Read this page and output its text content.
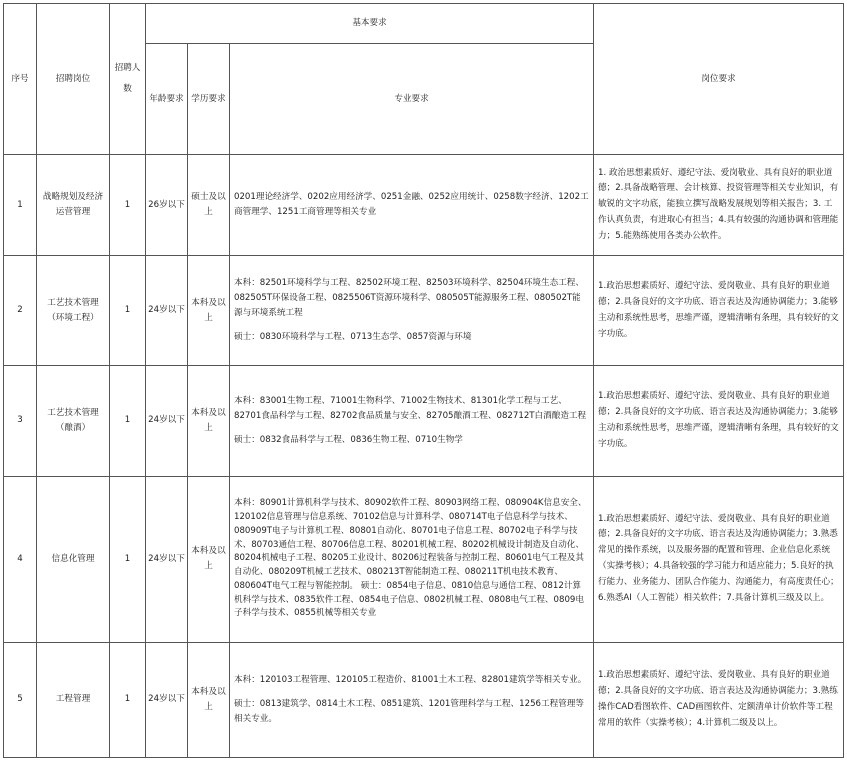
序号	招聘岗位	招聘人数	基本要求			岗位要求
			年龄要求	学历要求	专业要求	

1	战略规划及经济运营管理	1	26岁以下	硕士及以上	0201理论经济学、0202应用经济学、0251金融、0252应用统计、0258数字经济、1202工商管理学、1251工商管理等相关专业	1. 政治思想素质好、遵纪守法、爱岗敬业、具有良好的职业道德；2.具备战略管理、会计核算、投资管理等相关专业知识，有敏锐的文字功底，能独立撰写战略发展规划等相关报告；3. 工作认真负责，有进取心有担当；4.具有较强的沟通协调和管理能力；5.能熟练使用各类办公软件。
2	工艺技术管理（环境工程）	1	24岁以下	本科及以上	本科：82501环境科学与工程、82502环境工程、82503环境科学、82504环境生态工程、082505T环保设备工程、0825506T资源环境科学、080505T能源服务工程、080502T能源与环境系统工程

硕士：0830环境科学与工程、0713生态学、0857资源与环境	1.政治思想素质好、遵纪守法、爱岗敬业、具有良好的职业道德；2.具备良好的文字功底、语言表达及沟通协调能力；3.能够主动和系统性思考，思维严谨，逻辑清晰有条理，具有较好的文字功底。
3	工艺技术管理（酿酒）	1	24岁以下	本科及以上	本科：83001生物工程、71001生物科学、71002生物技术、81301化学工程与工艺、82701食品科学与工程、82702食品质量与安全、82705酿酒工程、082712T白酒酿造工程

硕士：0832食品科学与工程、0836生物工程、0710生物学	1.政治思想素质好、遵纪守法、爱岗敬业、具有良好的职业道德；2.具备良好的文字功底、语言表达及沟通协调能力；3.能够主动和系统性思考，思维严谨，逻辑清晰有条理，具有较好的文字功底。
4	信息化管理	1	24岁以下	本科及以上	本科：80901计算机科学与技术、80902软件工程、80903网络工程、080904K信息安全、120102信息管理与信息系统、70102信息与计算科学、080714T电子信息科学与技术、080909T电子与计算机工程、80801自动化、80701电子信息工程、80702电子科学与技术、80703通信工程、80706信息工程、80201机械工程、80202机械设计制造及自动化、80204机械电子工程、80205工业设计、80206过程装备与控制工程、80601电气工程及其自动化、080209T机械工艺技术、080213T智能制造工程、080211T机电技术教育、080604T电气工程与智能控制。 硕士：0854电子信息、0810信息与通信工程、0812计算机科学与技术、0835软件工程、0854电子信息、0802机械工程、0808电气工程、0809电子科学与技术、0855机械等相关专业	1.政治思想素质好、遵纪守法、爱岗敬业、具有良好的职业道德；2.具备良好的文字功底、语言表达及沟通协调能力；3.熟悉常见的操作系统，以及服务器的配置和管理、企业信息化系统（实操考核）；4.具备较强的学习能力和适应能力；5.良好的执行能力、业务能力、团队合作能力、沟通能力，有高度责任心；6.熟悉AI（人工智能）相关软件；7.具备计算机三级及以上。
5	工程管理	1	24岁以下	本科及以上	本科：120103工程管理、120105工程造价、81001土木工程、82801建筑学等相关专业。

硕士：0813建筑学、0814土木工程、0851建筑、1201管理科学与工程、1256工程管理等相关专业。	1.政治思想素质好、遵纪守法、爱岗敬业、具有良好的职业道德；2.具备良好的文字功底、语言表达及沟通协调能力；3.熟练操作CAD看图软件、CAD画图软件、定额清单计价软件等工程常用的软件（实操考核）；4.计算机二级及以上。
